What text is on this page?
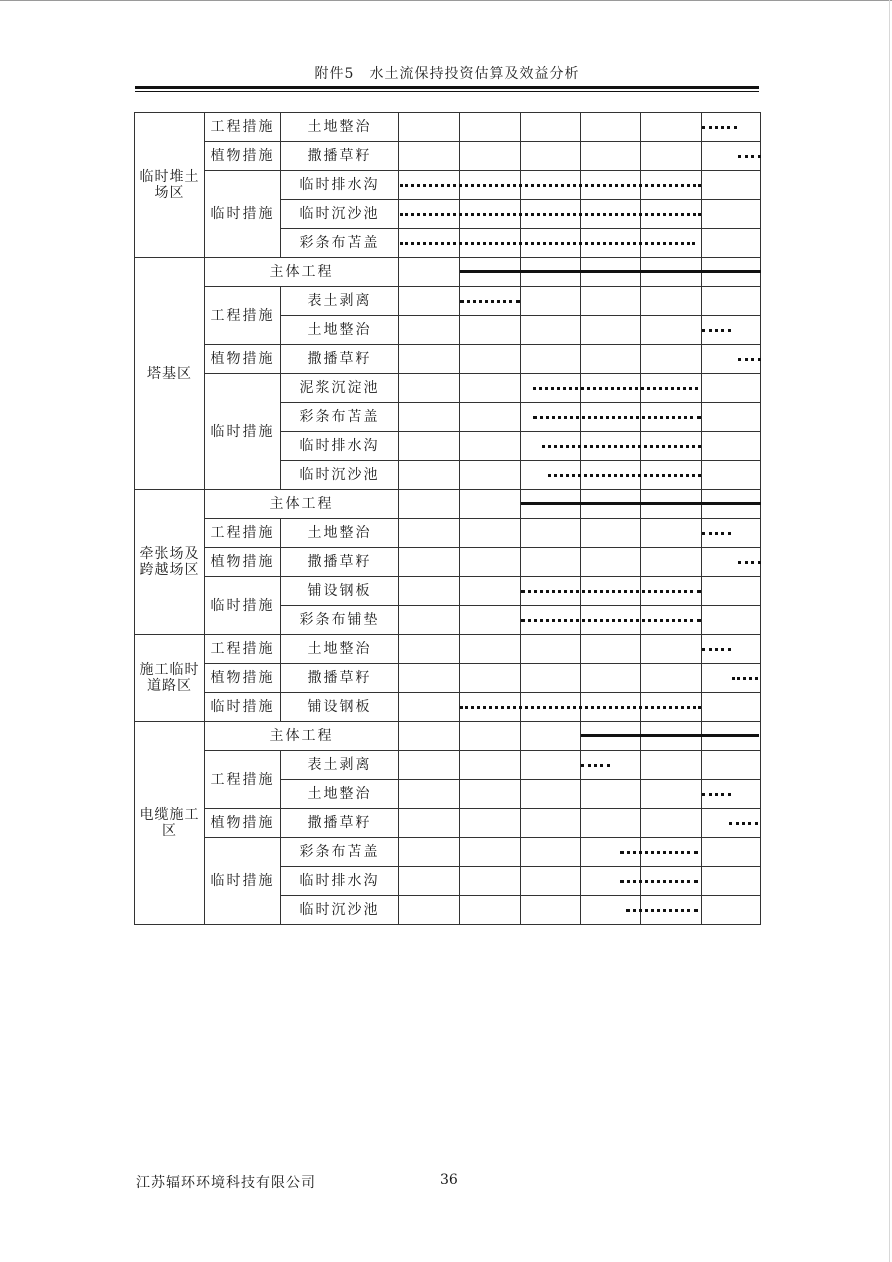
附件5　水土流保持投资估算及效益分析
临时堆土场区	工程措施	土地整治	

	植物措施	撒播草籽	

	临时措施	临时排水沟	

		临时沉沙池	

		彩条布苫盖	

塔基区	主体工程		

	工程措施	表土剥离	

		土地整治	

	植物措施	撒播草籽	

	临时措施	泥浆沉淀池	

		彩条布苫盖	

		临时排水沟	

		临时沉沙池	

牵张场及跨越场区	主体工程		

	工程措施	土地整治	

	植物措施	撒播草籽	

	临时措施	铺设钢板	

		彩条布铺垫	

施工临时道路区	工程措施	土地整治	

	植物措施	撒播草籽	

	临时措施	铺设钢板	

电缆施工区	主体工程		

	工程措施	表土剥离	

		土地整治	

	植物措施	撒播草籽	

	临时措施	彩条布苫盖	

		临时排水沟	

		临时沉沙池	
江苏辐环环境科技有限公司	36
